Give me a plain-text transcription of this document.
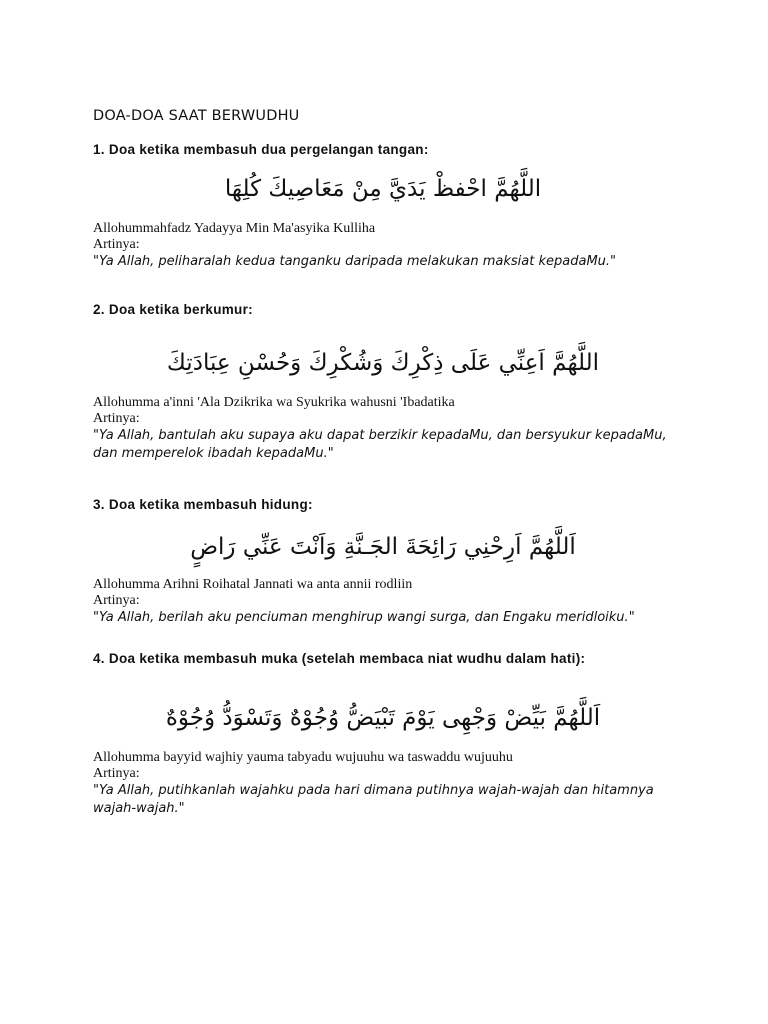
DOA-DOA SAAT BERWUDHU

1. Doa ketika membasuh dua pergelangan tangan:

اللَّهُمَّ احْفظْ يَدَيَّ مِنْ مَعَاصِيكَ كُلِهَا

Allohummahfadz Yadayya Min Ma'asyika Kulliha

Artinya:

"Ya Allah, peliharalah kedua tanganku daripada melakukan maksiat kepadaMu."

2. Doa ketika berkumur:

اللَّهُمَّ اَعِنِّي عَلَى ذِكْرِكَ وَشُكْرِكَ وَحُسْنِ عِبَادَتِكَ

Allohumma a'inni 'Ala Dzikrika wa Syukrika wahusni 'Ibadatika

Artinya:

"Ya Allah, bantulah aku supaya aku dapat berzikir kepadaMu, dan bersyukur kepadaMu, dan memperelok ibadah kepadaMu."

3. Doa ketika membasuh hidung:

اَللَّهُمَّ اَرِحْنِي رَائِحَةَ الجَـنَّةِ وَاَنْتَ عَنِّي رَاضٍ

Allohumma Arihni Roihatal Jannati wa anta annii rodliin

Artinya:

"Ya Allah, berilah aku penciuman menghirup wangi surga, dan Engaku meridloiku."

4. Doa ketika membasuh muka (setelah membaca niat wudhu dalam hati):

اَللَّهُمَّ بَيِّضْ وَجْهِى يَوْمَ تَبْيَضُّ وُجُوْهٌ وَتَسْوَدُّ وُجُوْهٌ

Allohumma bayyid wajhiy yauma tabyadu wujuuhu wa taswaddu wujuuhu

Artinya:

"Ya Allah, putihkanlah wajahku pada hari dimana putihnya wajah-wajah dan hitamnya wajah-wajah."
